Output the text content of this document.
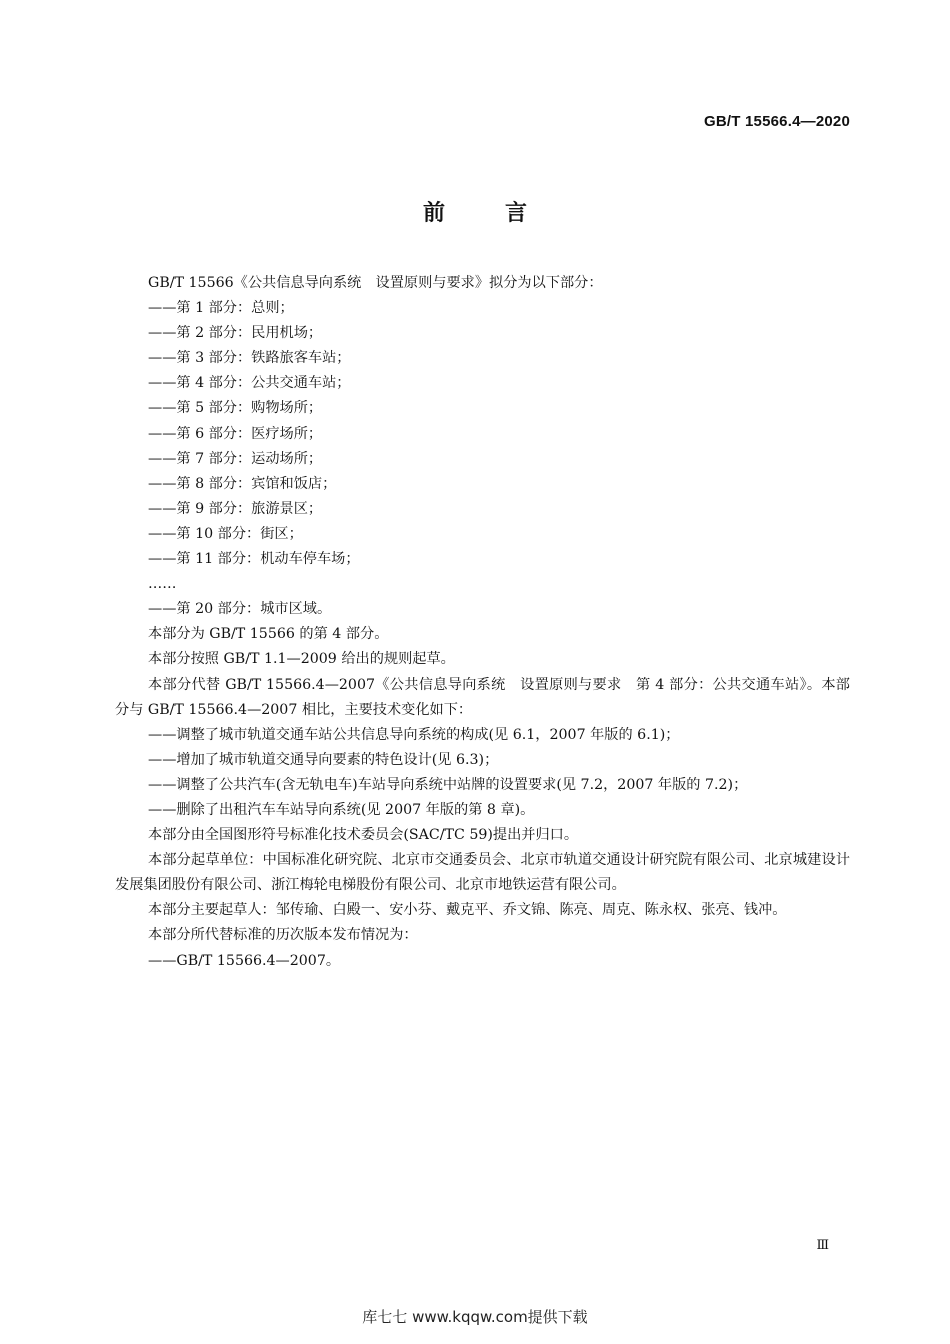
GB/T 15566.4—2020
前言

GB/T 15566《公共信息导向系统　设置原则与要求》拟分为以下部分：

——第 1 部分：总则；

——第 2 部分：民用机场；

——第 3 部分：铁路旅客车站；

——第 4 部分：公共交通车站；

——第 5 部分：购物场所；

——第 6 部分：医疗场所；

——第 7 部分：运动场所；

——第 8 部分：宾馆和饭店；

——第 9 部分：旅游景区；

——第 10 部分：街区；

——第 11 部分：机动车停车场；

……

——第 20 部分：城市区域。

本部分为 GB/T 15566 的第 4 部分。

本部分按照 GB/T 1.1—2009 给出的规则起草。

本部分代替 GB/T 15566.4—2007《公共信息导向系统　设置原则与要求　第 4 部分：公共交通车站》。本部分与 GB/T 15566.4—2007 相比，主要技术变化如下：

——调整了城市轨道交通车站公共信息导向系统的构成(见 6.1，2007 年版的 6.1)；

——增加了城市轨道交通导向要素的特色设计(见 6.3)；

——调整了公共汽车(含无轨电车)车站导向系统中站牌的设置要求(见 7.2，2007 年版的 7.2)；

——删除了出租汽车车站导向系统(见 2007 年版的第 8 章)。

本部分由全国图形符号标准化技术委员会(SAC/TC 59)提出并归口。

本部分起草单位：中国标准化研究院、北京市交通委员会、北京市轨道交通设计研究院有限公司、北京城建设计发展集团股份有限公司、浙江梅轮电梯股份有限公司、北京市地铁运营有限公司。

本部分主要起草人：邹传瑜、白殿一、安小芬、戴克平、乔文锦、陈亮、周克、陈永权、张亮、钱冲。

本部分所代替标准的历次版本发布情况为：

——GB/T 15566.4—2007。

Ⅲ
库七七 www.kqqw.com提供下载
